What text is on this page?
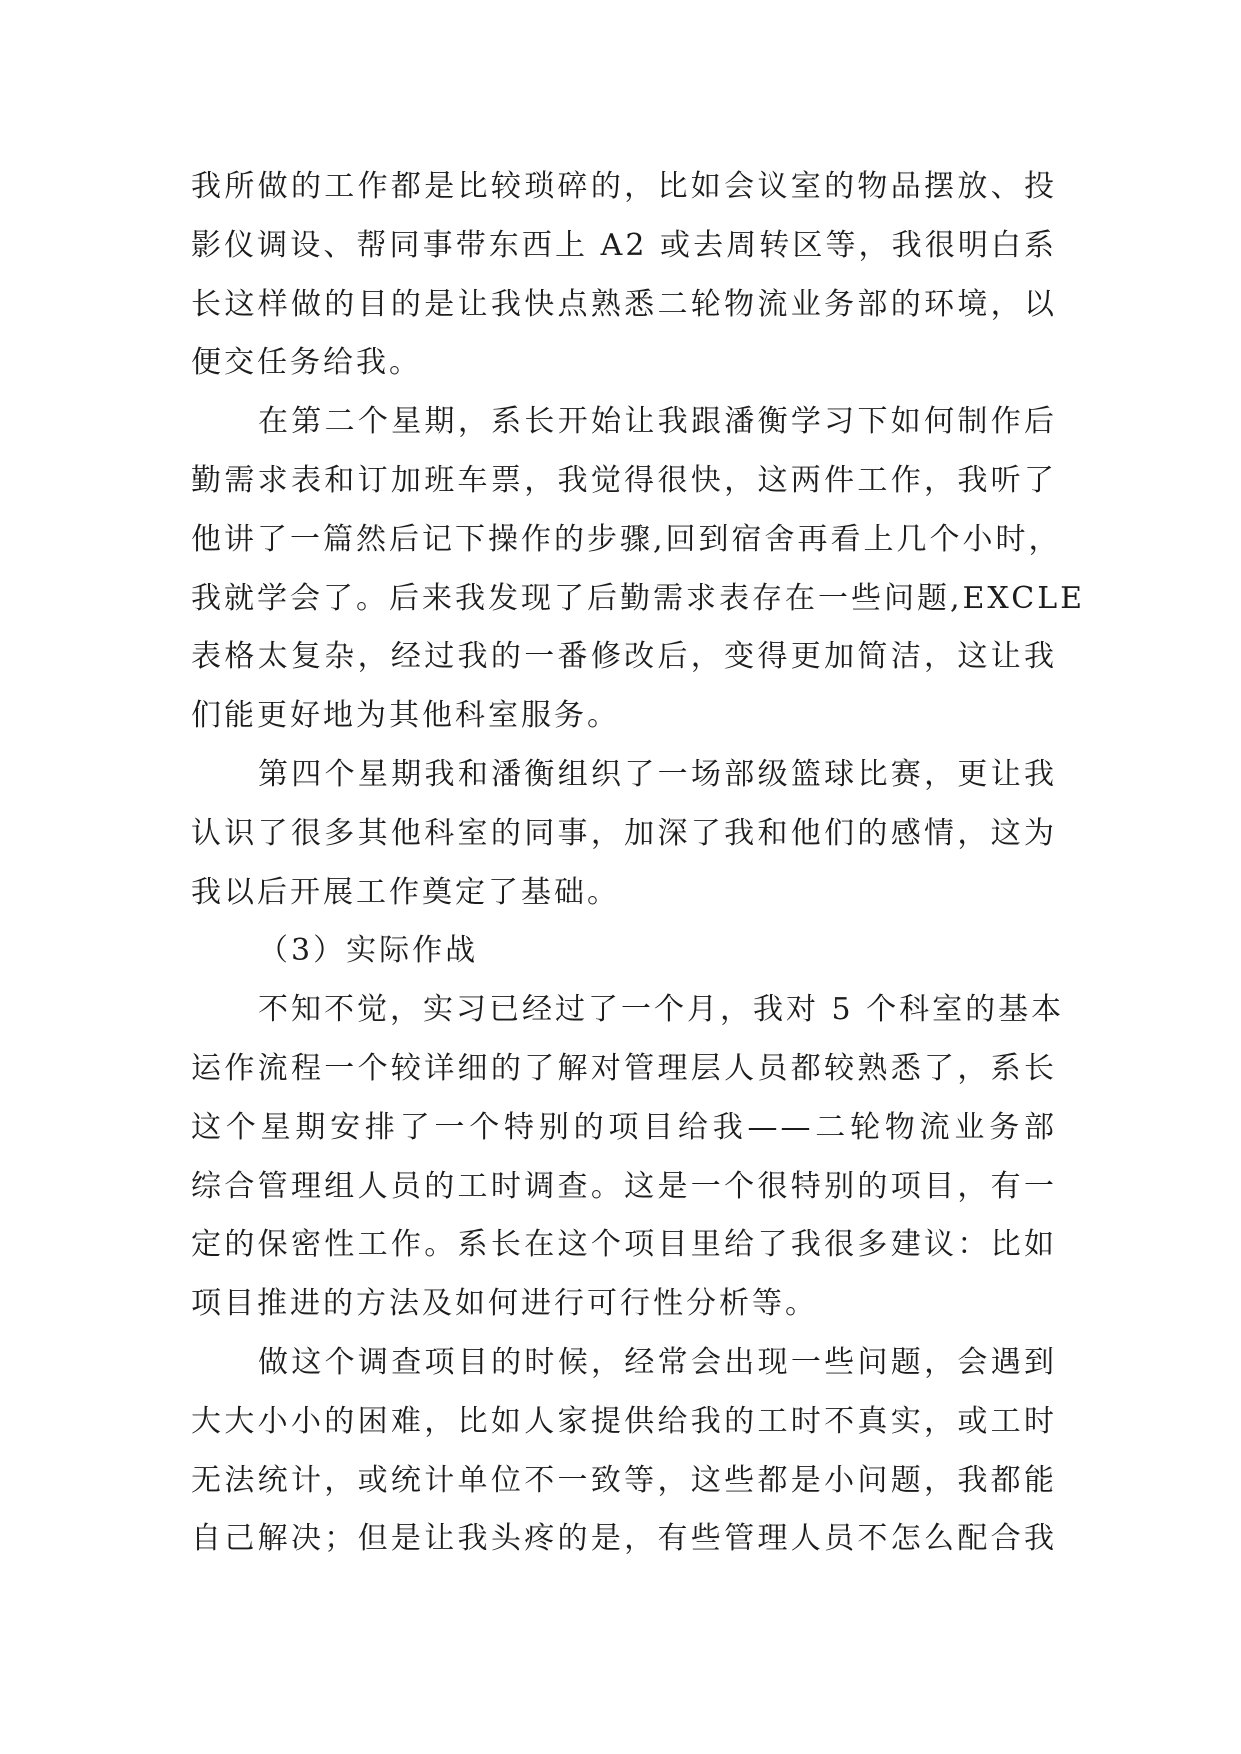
我所做的工作都是比较琐碎的，比如会议室的物品摆放、投
影仪调设、帮同事带东西上 A2 或去周转区等，我很明白系
长这样做的目的是让我快点熟悉二轮物流业务部的环境，以
便交任务给我。
在第二个星期，系长开始让我跟潘衡学习下如何制作后
勤需求表和订加班车票，我觉得很快，这两件工作，我听了
他讲了一篇然后记下操作的步骤,回到宿舍再看上几个小时，
我就学会了。后来我发现了后勤需求表存在一些问题,EXCLE
表格太复杂，经过我的一番修改后，变得更加简洁，这让我
们能更好地为其他科室服务。
第四个星期我和潘衡组织了一场部级篮球比赛，更让我
认识了很多其他科室的同事，加深了我和他们的感情，这为
我以后开展工作奠定了基础。
（3）实际作战
不知不觉，实习已经过了一个月，我对 5 个科室的基本
运作流程一个较详细的了解对管理层人员都较熟悉了，系长
这个星期安排了一个特别的项目给我——二轮物流业务部
综合管理组人员的工时调查。这是一个很特别的项目，有一
定的保密性工作。系长在这个项目里给了我很多建议：比如
项目推进的方法及如何进行可行性分析等。
做这个调查项目的时候，经常会出现一些问题，会遇到
大大小小的困难，比如人家提供给我的工时不真实，或工时
无法统计，或统计单位不一致等，这些都是小问题，我都能
自己解决；但是让我头疼的是，有些管理人员不怎么配合我
